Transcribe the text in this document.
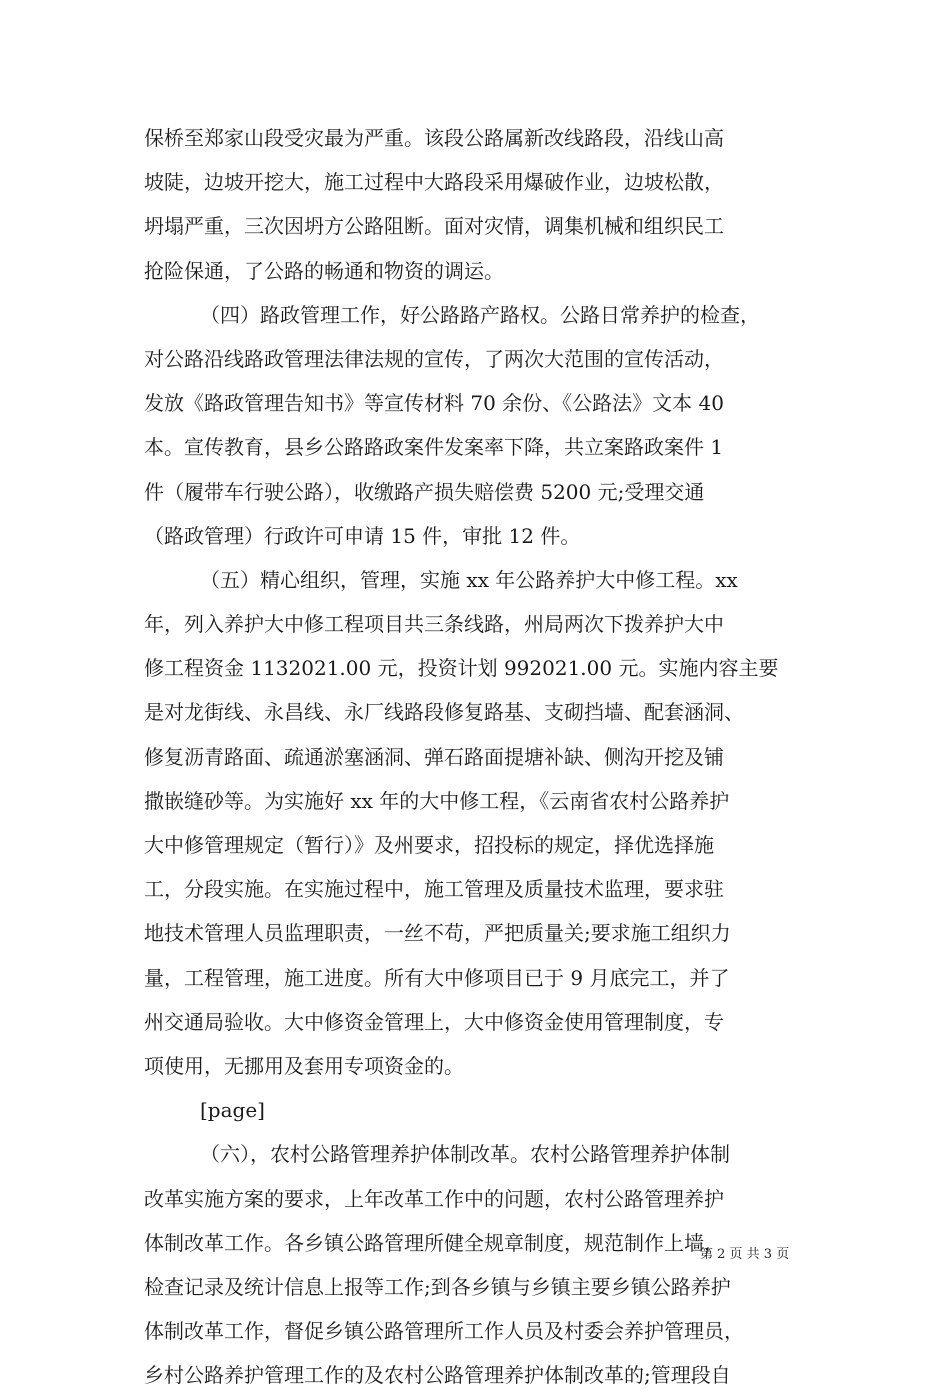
保桥至郑家山段受灾最为严重。该段公路属新改线路段，沿线山高
坡陡，边坡开挖大，施工过程中大路段采用爆破作业，边坡松散，
坍塌严重，三次因坍方公路阻断。面对灾情，调集机械和组织民工
抢险保通，了公路的畅通和物资的调运。
（四）路政管理工作，好公路路产路权。公路日常养护的检查，
对公路沿线路政管理法律法规的宣传，了两次大范围的宣传活动，
发放《路政管理告知书》等宣传材料 70 余份、《公路法》文本 40
本。宣传教育，县乡公路路政案件发案率下降，共立案路政案件 1
件（履带车行驶公路），收缴路产损失赔偿费 5200 元;受理交通
（路政管理）行政许可申请 15 件，审批 12 件。
（五）精心组织，管理，实施 xx 年公路养护大中修工程。xx
年，列入养护大中修工程项目共三条线路，州局两次下拨养护大中
修工程资金 1132021.00 元，投资计划 992021.00 元。实施内容主要
是对龙街线、永昌线、永厂线路段修复路基、支砌挡墙、配套涵洞、
修复沥青路面、疏通淤塞涵洞、弹石路面提塘补缺、侧沟开挖及铺
撒嵌缝砂等。为实施好 xx 年的大中修工程，《云南省农村公路养护
大中修管理规定（暂行）》及州要求，招投标的规定，择优选择施
工，分段实施。在实施过程中，施工管理及质量技术监理，要求驻
地技术管理人员监理职责，一丝不苟，严把质量关;要求施工组织力
量，工程管理，施工进度。所有大中修项目已于 9 月底完工，并了
州交通局验收。大中修资金管理上，大中修资金使用管理制度，专
项使用，无挪用及套用专项资金的。
[page]
（六），农村公路管理养护体制改革。农村公路管理养护体制
改革实施方案的要求，上年改革工作中的问题，农村公路管理养护
体制改革工作。各乡镇公路管理所健全规章制度，规范制作上墙，
检查记录及统计信息上报等工作;到各乡镇与乡镇主要乡镇公路养护
体制改革工作，督促乡镇公路管理所工作人员及村委会养护管理员，
乡村公路养护管理工作的及农村公路管理养护体制改革的;管理段自
第 2 页 共 3 页
